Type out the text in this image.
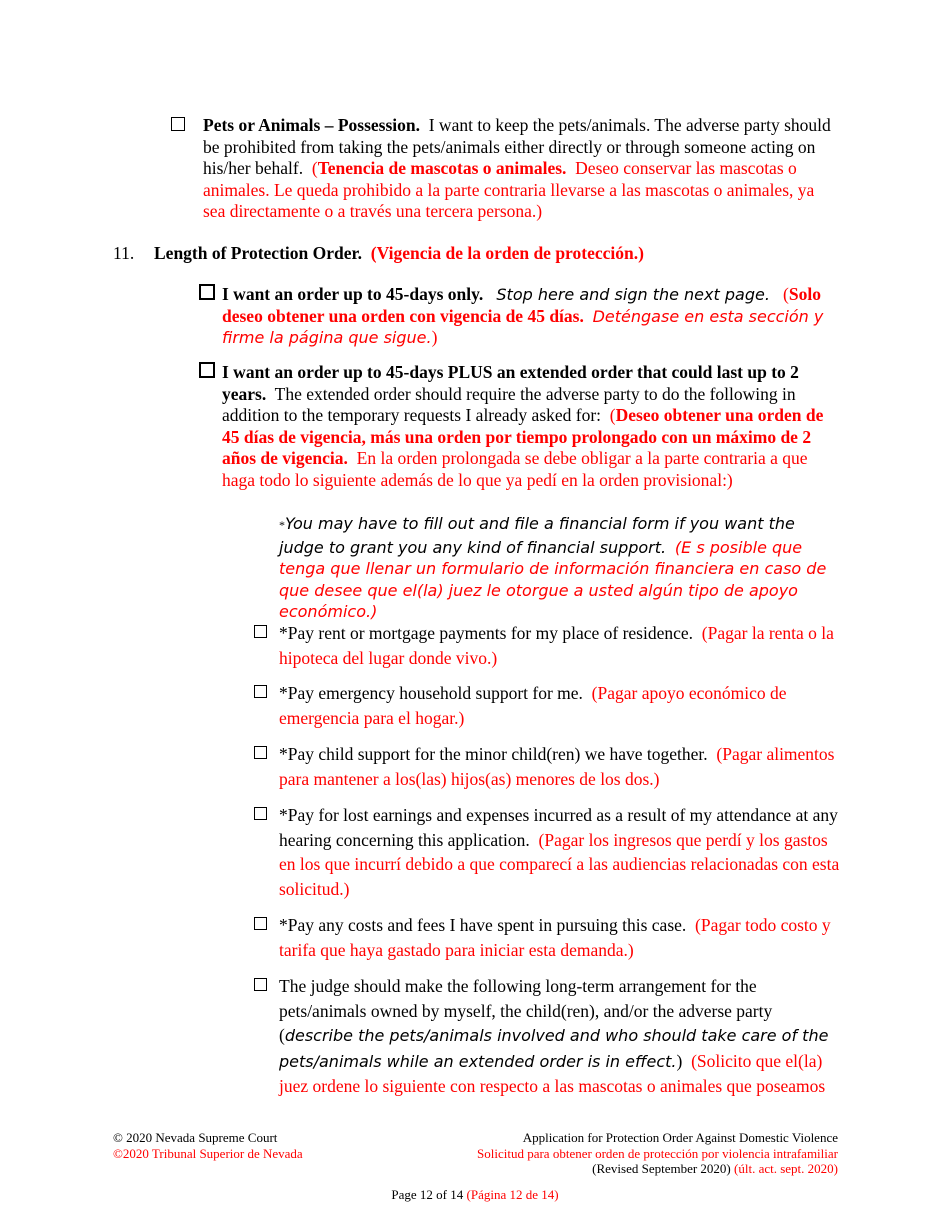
Pets or Animals – Possession. I want to keep the pets/animals. The adverse party should be prohibited from taking the pets/animals either directly or through someone acting on his/her behalf. (Tenencia de mascotas o animales. Deseo conservar las mascotas o animales. Le queda prohibido a la parte contraria llevarse a las mascotas o animales, ya sea directamente o a través una tercera persona.)
11. Length of Protection Order. (Vigencia de la orden de protección.)
I want an order up to 45-days only. Stop here and sign the next page. (Solo deseo obtener una orden con vigencia de 45 días. Deténgase en esta sección y firme la página que sigue.)
I want an order up to 45-days PLUS an extended order that could last up to 2 years. The extended order should require the adverse party to do the following in addition to the temporary requests I already asked for: (Deseo obtener una orden de 45 días de vigencia, más una orden por tiempo prolongado con un máximo de 2 años de vigencia. En la orden prolongada se debe obligar a la parte contraria a que haga todo lo siguiente además de lo que ya pedí en la orden provisional:)
*You may have to fill out and file a financial form if you want the judge to grant you any kind of financial support. (E s posible que tenga que llenar un formulario de información financiera en caso de que desee que el(la) juez le otorgue a usted algún tipo de apoyo económico.)
*Pay rent or mortgage payments for my place of residence. (Pagar la renta o la hipoteca del lugar donde vivo.)
*Pay emergency household support for me. (Pagar apoyo económico de emergencia para el hogar.)
*Pay child support for the minor child(ren) we have together. (Pagar alimentos para mantener a los(las) hijos(as) menores de los dos.)
*Pay for lost earnings and expenses incurred as a result of my attendance at any hearing concerning this application. (Pagar los ingresos que perdí y los gastos en los que incurrí debido a que comparecí a las audiencias relacionadas con esta solicitud.)
*Pay any costs and fees I have spent in pursuing this case. (Pagar todo costo y tarifa que haya gastado para iniciar esta demanda.)
The judge should make the following long-term arrangement for the pets/animals owned by myself, the child(ren), and/or the adverse party (describe the pets/animals involved and who should take care of the pets/animals while an extended order is in effect.)  (Solicito que el(la) juez ordene lo siguiente con respecto a las mascotas o animales que poseamos
© 2020 Nevada Supreme Court
©2020 Tribunal Superior de Nevada
Application for Protection Order Against Domestic Violence
Solicitud para obtener orden de protección por violencia intrafamiliar
(Revised September 2020) (últ. act. sept. 2020)
Page 12 of 14 (Página 12 de 14)
